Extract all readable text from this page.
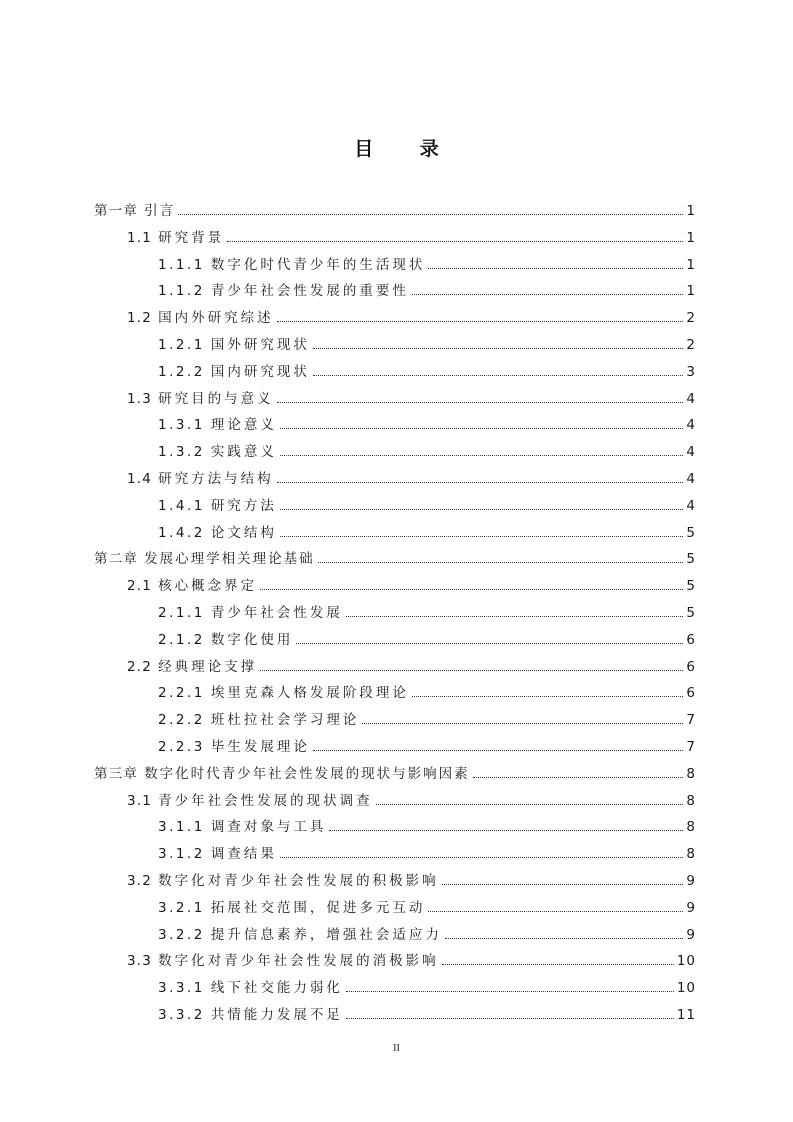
目 录
第一章 引言	1
1.1 研究背景	1
1.1.1 数字化时代青少年的生活现状	1
1.1.2 青少年社会性发展的重要性	1
1.2 国内外研究综述	2
1.2.1 国外研究现状	2
1.2.2 国内研究现状	3
1.3 研究目的与意义	4
1.3.1 理论意义	4
1.3.2 实践意义	4
1.4 研究方法与结构	4
1.4.1 研究方法	4
1.4.2 论文结构	5
第二章 发展心理学相关理论基础	5
2.1 核心概念界定	5
2.1.1 青少年社会性发展	5
2.1.2 数字化使用	6
2.2 经典理论支撑	6
2.2.1 埃里克森人格发展阶段理论	6
2.2.2 班杜拉社会学习理论	7
2.2.3 毕生发展理论	7
第三章 数字化时代青少年社会性发展的现状与影响因素	8
3.1 青少年社会性发展的现状调查	8
3.1.1 调查对象与工具	8
3.1.2 调查结果	8
3.2 数字化对青少年社会性发展的积极影响	9
3.2.1 拓展社交范围，促进多元互动	9
3.2.2 提升信息素养，增强社会适应力	9
3.3 数字化对青少年社会性发展的消极影响	10
3.3.1 线下社交能力弱化	10
3.3.2 共情能力发展不足	11
II
